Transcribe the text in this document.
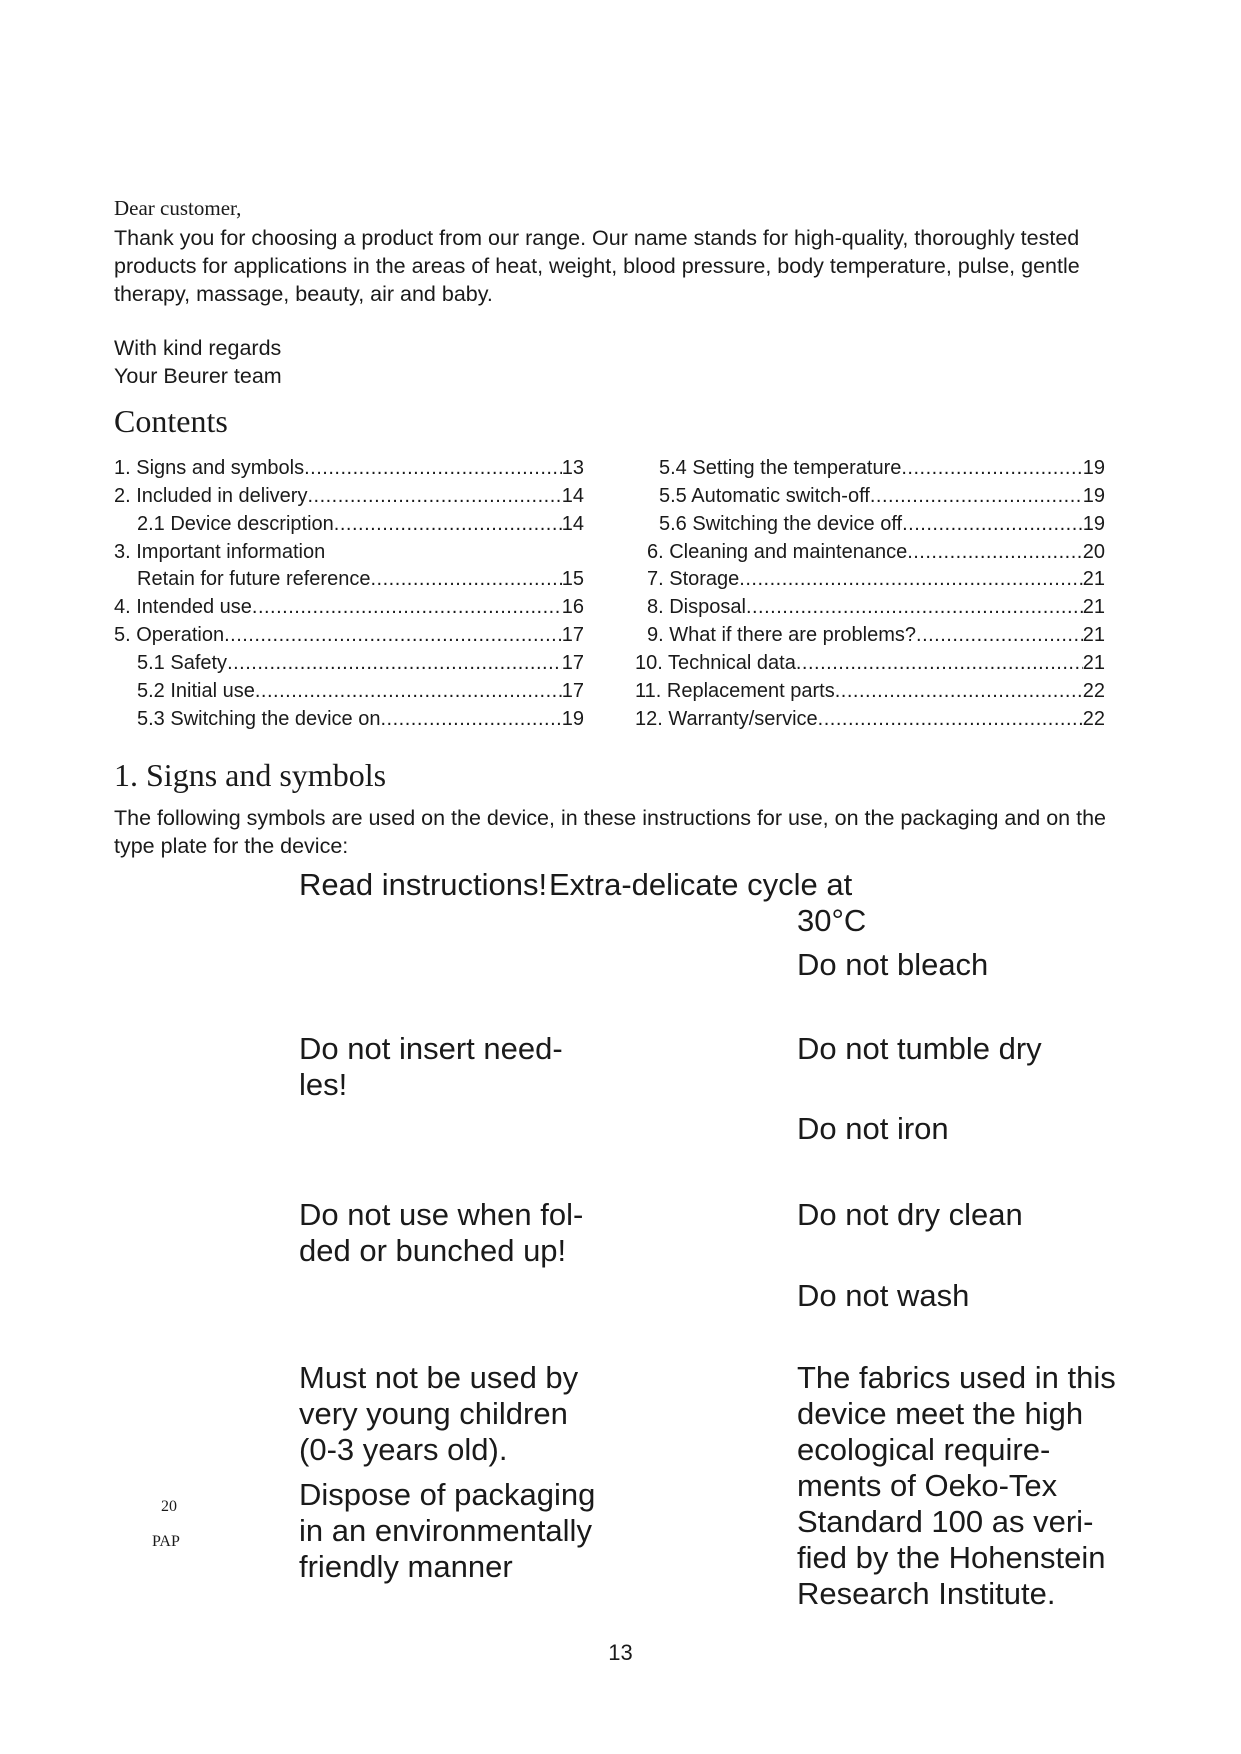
Dear customer,
Thank you for choosing a product from our range. Our name stands for high-quality, thoroughly tested products for applications in the areas of heat, weight, blood pressure, body temperature, pulse, gentle therapy, massage, beauty, air and baby.
With kind regards
Your Beurer team
Contents
1. Signs and symbols .....	13
2. Included in delivery .....	14
2.1 Device description .....	14
3. Important information
Retain for future reference .....	15
4. Intended use .....	16
5. Operation .....	17
5.1 Safety .....	17
5.2 Initial use .....	17
5.3 Switching the device on .....	19
5.4 Setting the temperature .....	19
5.5 Automatic switch-off .....	19
5.6 Switching the device off .....	19
6. Cleaning and maintenance .....	20
7. Storage .....	21
8. Disposal .....	21
9. What if there are problems? .....	21
10. Technical data .....	21
11. Replacement parts .....	22
12. Warranty/service .....	22
1. Signs and symbols
The following symbols are used on the device, in these instructions for use, on the packaging and on the type plate for the device:
Read instructions! Extra-delicate cycle at
30°C
Do not bleach
Do not insert need-
les!
Do not tumble dry
Do not iron
Do not use when fol-
ded or bunched up!
Do not dry clean
Do not wash
Must not be used by
very young children
(0-3 years old).
Dispose of packaging
in an environmentally
friendly manner
The fabrics used in this
device meet the high
ecological require-
ments of Oeko-Tex
Standard 100 as veri-
fied by the Hohenstein
Research Institute.
20
PAP
13
